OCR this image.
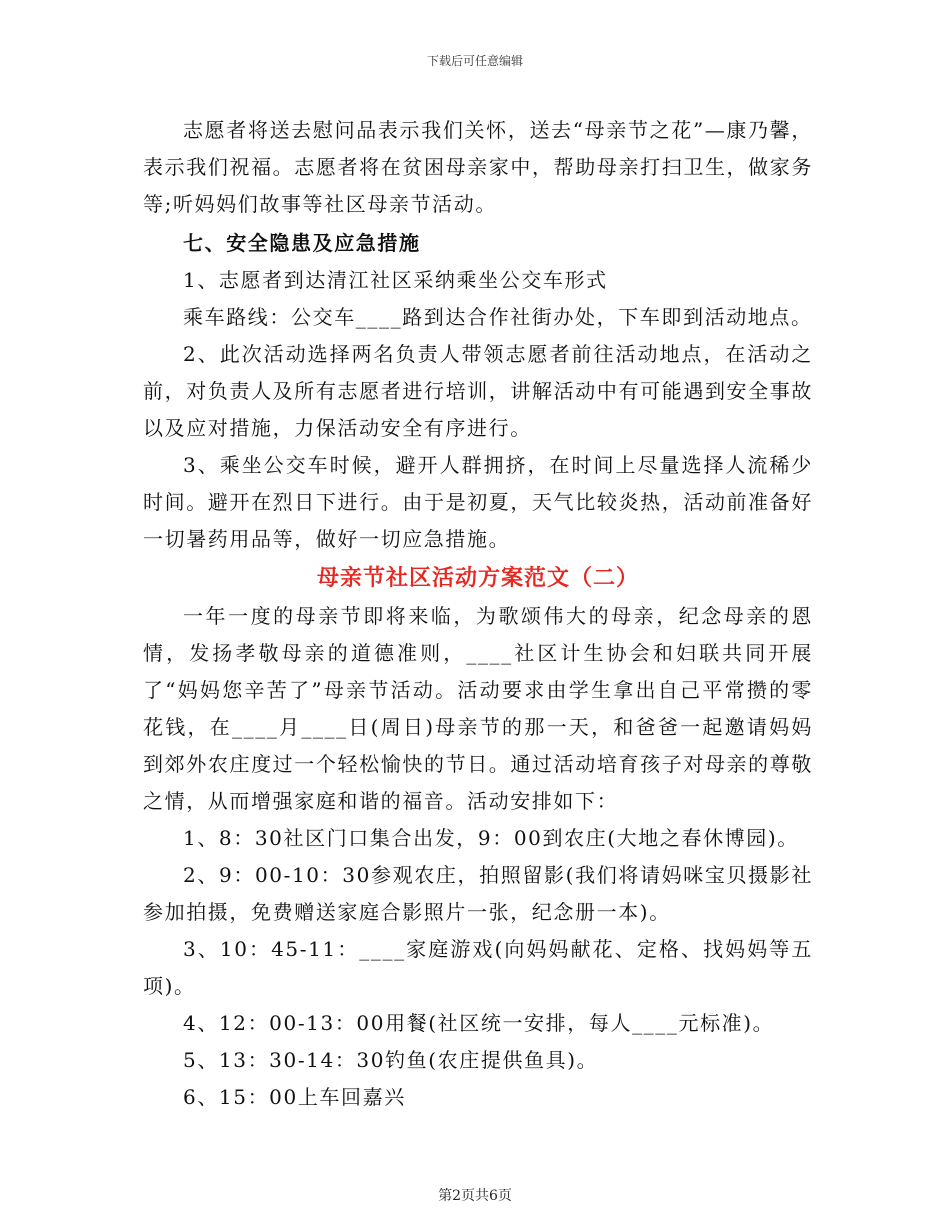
下载后可任意编辑

志愿者将送去慰问品表示我们关怀，送去“母亲节之花”—康乃馨，表示我们祝福。志愿者将在贫困母亲家中，帮助母亲打扫卫生，做家务等;听妈妈们故事等社区母亲节活动。

七、安全隐患及应急措施

1、志愿者到达清江社区采纳乘坐公交车形式

乘车路线：公交车____路到达合作社街办处，下车即到活动地点。

2、此次活动选择两名负责人带领志愿者前往活动地点，在活动之前，对负责人及所有志愿者进行培训，讲解活动中有可能遇到安全事故以及应对措施，力保活动安全有序进行。

3、乘坐公交车时候，避开人群拥挤，在时间上尽量选择人流稀少时间。避开在烈日下进行。由于是初夏，天气比较炎热，活动前准备好一切暑药用品等，做好一切应急措施。

母亲节社区活动方案范文（二）

一年一度的母亲节即将来临，为歌颂伟大的母亲，纪念母亲的恩情，发扬孝敬母亲的道德准则，____社区计生协会和妇联共同开展了“妈妈您辛苦了”母亲节活动。活动要求由学生拿出自己平常攒的零花钱，在____月____日(周日)母亲节的那一天，和爸爸一起邀请妈妈到郊外农庄度过一个轻松愉快的节日。通过活动培育孩子对母亲的尊敬之情，从而增强家庭和谐的福音。活动安排如下：

1、8：30社区门口集合出发，9：00到农庄(大地之春休博园)。

2、9：00-10：30参观农庄，拍照留影(我们将请妈咪宝贝摄影社参加拍摄，免费赠送家庭合影照片一张，纪念册一本)。

3、10：45-11：____家庭游戏(向妈妈献花、定格、找妈妈等五项)。

4、12：00-13：00用餐(社区统一安排，每人____元标准)。

5、13：30-14：30钓鱼(农庄提供鱼具)。

6、15：00上车回嘉兴

第2页共6页
